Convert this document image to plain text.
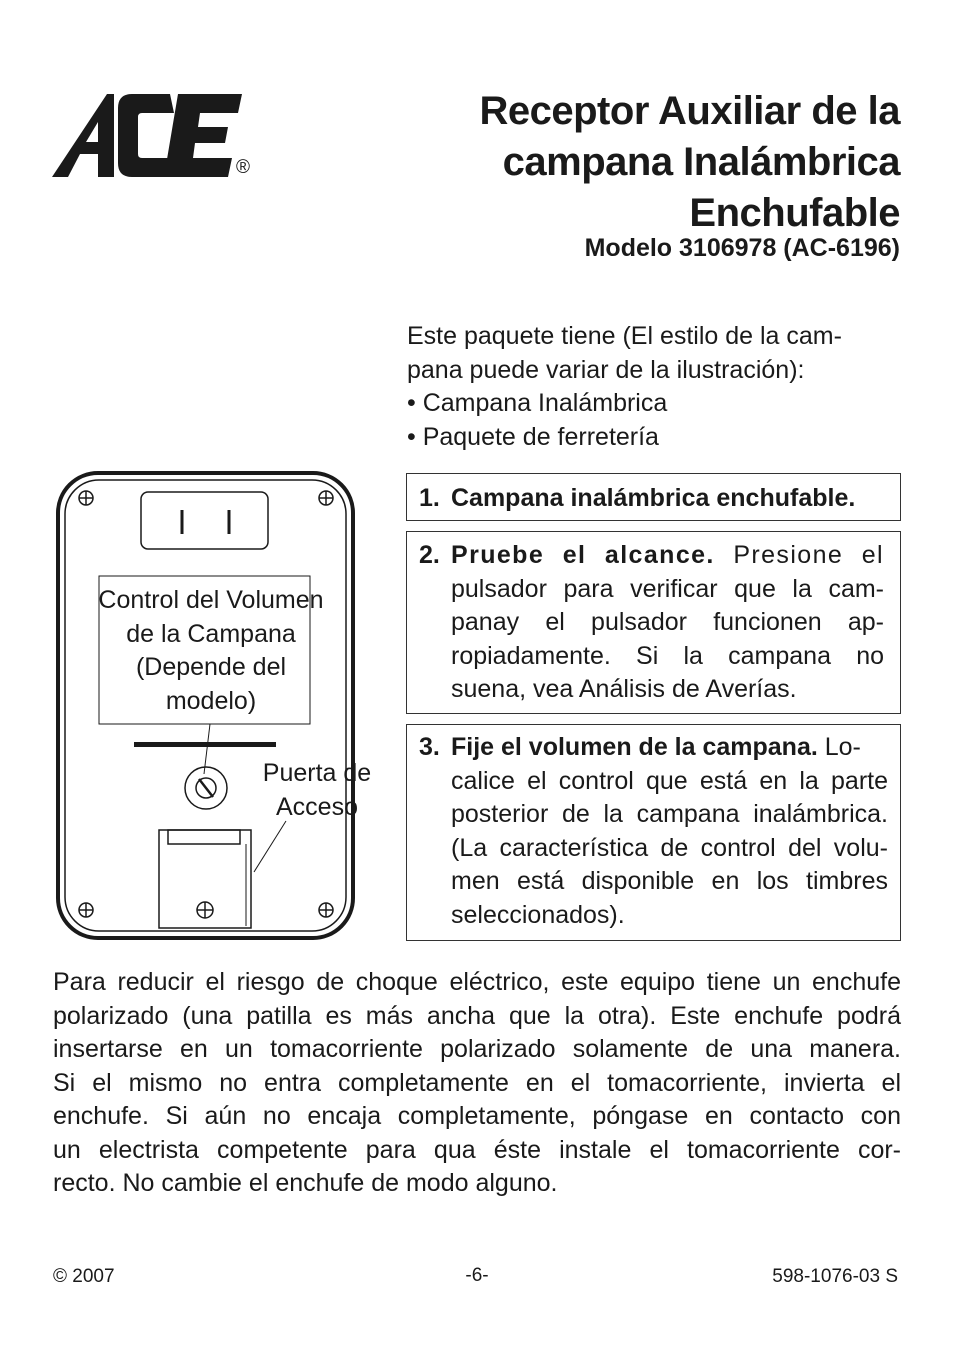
®
Receptor Auxiliar de la
campana Inalámbrica
Enchufable
Modelo 3106978 (AC-6196)
Este paquete tiene (El estilo de la cam-
pana puede variar de la ilustración):
• Campana Inalámbrica
• Paquete de ferretería
1. Campana inalámbrica enchufable.
2. Pruebe el alcance. Presione el
pulsador para verificar que la cam-
panay el pulsador funcionen ap-
ropiadamente. Si la campana no
suena, vea Análisis de Averías.
3. Fije el volumen de la campana. Lo-
calice el control que está en la parte
posterior de la campana inalámbrica.
(La característica de control del volu-
men está disponible en los timbres
seleccionados).
Control del Volumen
de la Campana
(Depende del
modelo)
Puerta de
Acceso
Para reducir el riesgo de choque eléctrico, este equipo tiene un enchufe
polarizado (una patilla es más ancha que la otra). Este enchufe podrá
insertarse en un tomacorriente polarizado solamente de una manera.
Si el mismo no entra completamente en el tomacorriente, invierta el
enchufe. Si aún no encaja completamente, póngase en contacto con
un electrista competente para qua éste instale el tomacorriente cor-
recto. No cambie el enchufe de modo alguno.
© 2007	-6-	598-1076-03 S
